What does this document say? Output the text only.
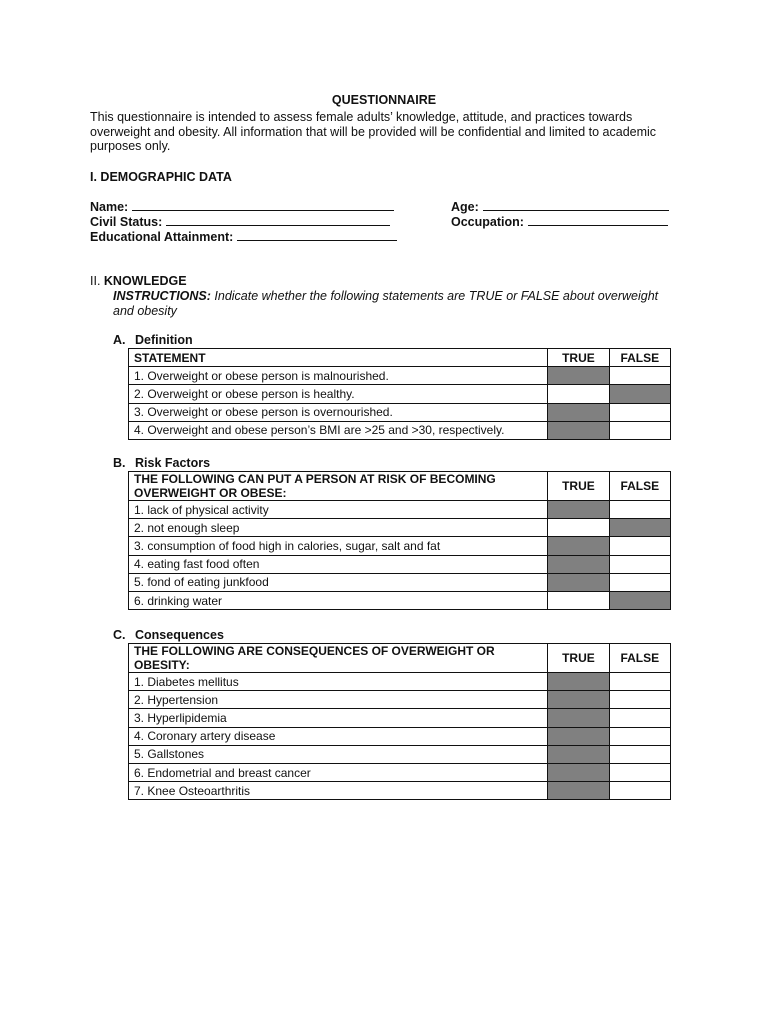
QUESTIONNAIRE
This questionnaire is intended to assess female adults’ knowledge, attitude, and practices towards overweight and obesity. All information that will be provided will be confidential and limited to academic purposes only.
I. DEMOGRAPHIC DATA
Name:	Age:
Civil Status:	Occupation:
Educational Attainment:
II. KNOWLEDGE
INSTRUCTIONS: Indicate whether the following statements are TRUE or FALSE about overweight and obesity
A. Definition
STATEMENT	TRUE	FALSE
1. Overweight or obese person is malnourished.		
2. Overweight or obese person is healthy.		
3. Overweight or obese person is overnourished.		
4. Overweight and obese person’s BMI are >25 and >30, respectively.		
B. Risk Factors
THE FOLLOWING CAN PUT A PERSON AT RISK OF BECOMING OVERWEIGHT OR OBESE:	TRUE	FALSE
1. lack of physical activity		
2. not enough sleep		
3. consumption of food high in calories, sugar, salt and fat		
4. eating fast food often		
5. fond of eating junkfood		
6. drinking water		
C. Consequences
THE FOLLOWING ARE CONSEQUENCES OF OVERWEIGHT OR OBESITY:	TRUE	FALSE
1. Diabetes mellitus		
2. Hypertension		
3. Hyperlipidemia		
4. Coronary artery disease		
5. Gallstones		
6. Endometrial and breast cancer		
7. Knee Osteoarthritis		
